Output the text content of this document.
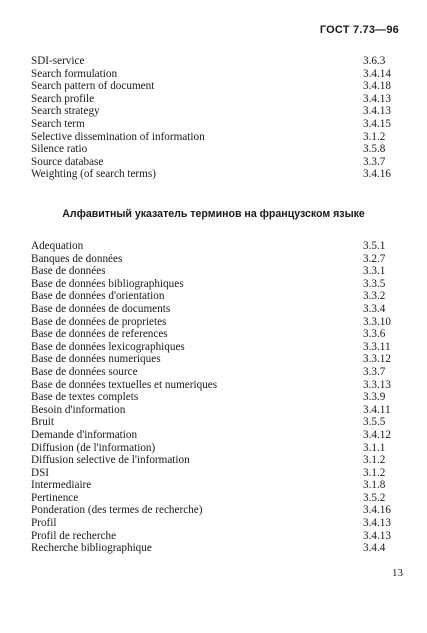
ГОСТ 7.73—96
SDI-service	3.6.3
Search formulation	3.4.14
Search pattern of document	3.4.18
Search profile	3.4.13
Search strategy	3.4.13
Search term	3.4.15
Selective dissemination of information	3.1.2
Silence ratio	3.5.8
Source database	3.3.7
Weighting (of search terms)	3.4.16
Алфавитный указатель терминов на французском языке
Adequation	3.5.1
Banques de données	3.2.7
Base de données	3.3.1
Base de données bibliographiques	3.3.5
Base de données d'orientation	3.3.2
Base de données de documents	3.3.4
Base de données de proprietes	3.3.10
Base de données de references	3.3.6
Base de données lexicographiques	3.3.11
Base de données numeriques	3.3.12
Base de données source	3.3.7
Base de données textuelles et numeriques	3.3.13
Base de textes complets	3.3.9
Besoin d'information	3.4.11
Bruit	3.5.5
Demande d'information	3.4.12
Diffusion (de l'information)	3.1.1
Diffusion selective de l'information	3.1.2
DSI	3.1.2
Intermediaire	3.1.8
Pertinence	3.5.2
Ponderation (des termes de recherche)	3.4.16
Profil	3.4.13
Profil de recherche	3.4.13
Recherche bibliographique	3.4.4
13
